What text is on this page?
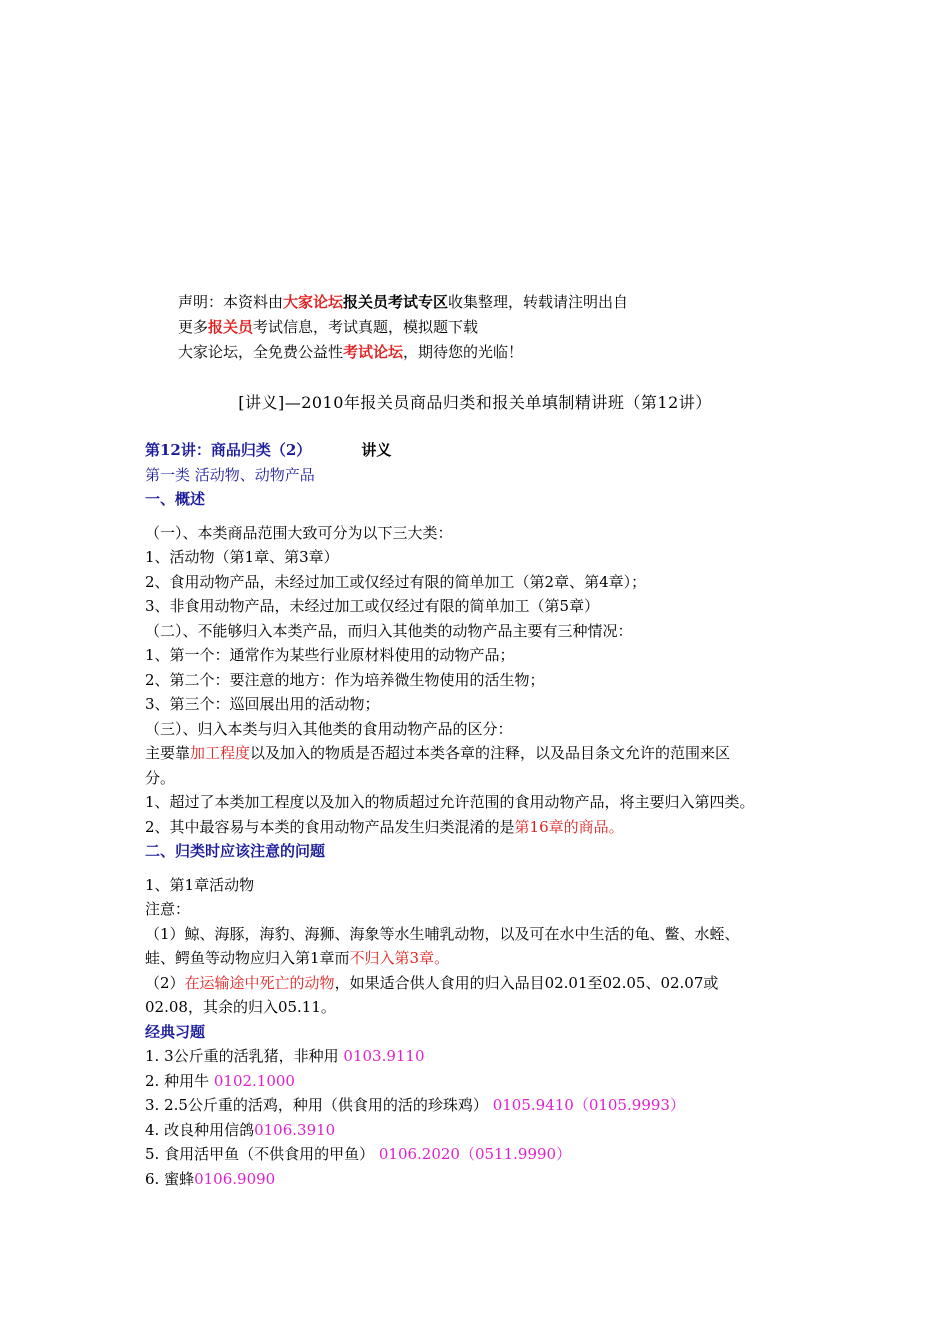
声明：本资料由大家论坛报关员考试专区收集整理，转载请注明出自
更多报关员考试信息，考试真题，模拟题下载
大家论坛，全免费公益性考试论坛，期待您的光临！
[讲义]—2010年报关员商品归类和报关单填制精讲班（第12讲）
第12讲：商品归类（2）	讲义
第一类 活动物、动物产品
一、概述
（一）、本类商品范围大致可分为以下三大类：
1、活动物（第1章、第3章）
2、食用动物产品，未经过加工或仅经过有限的简单加工（第2章、第4章）；
3、非食用动物产品，未经过加工或仅经过有限的简单加工（第5章）
（二）、不能够归入本类产品，而归入其他类的动物产品主要有三种情况：
1、第一个：通常作为某些行业原材料使用的动物产品；
2、第二个：要注意的地方：作为培养微生物使用的活生物；
3、第三个：巡回展出用的活动物；
（三）、归入本类与归入其他类的食用动物产品的区分：
主要靠加工程度以及加入的物质是否超过本类各章的注释，以及品目条文允许的范围来区
分。
1、超过了本类加工程度以及加入的物质超过允许范围的食用动物产品，将主要归入第四类。
2、其中最容易与本类的食用动物产品发生归类混淆的是第16章的商品。
二、归类时应该注意的问题
1、第1章活动物
注意：
（1）鲸、海豚，海豹、海狮、海象等水生哺乳动物，以及可在水中生活的龟、鳖、水蛭、
蛙、鳄鱼等动物应归入第1章而不归入第3章。
（2）在运输途中死亡的动物，如果适合供人食用的归入品目02.01至02.05、02.07或
02.08，其余的归入05.11。
经典习题
1. 3公斤重的活乳猪，非种用 0103.9110
2. 种用牛 0102.1000
3. 2.5公斤重的活鸡，种用（供食用的活的珍珠鸡） 0105.9410（0105.9993）
4. 改良种用信鸽0106.3910
5. 食用活甲鱼（不供食用的甲鱼） 0106.2020（0511.9990）
6. 蜜蜂0106.9090
